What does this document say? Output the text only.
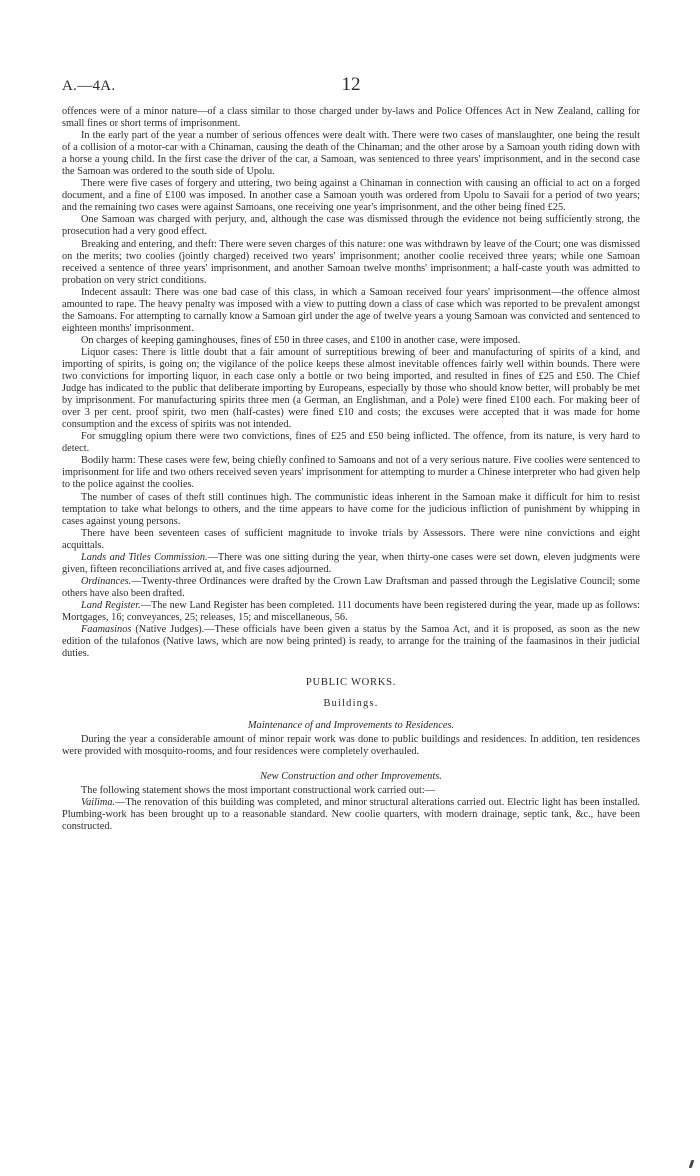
A.—4A.	12

offences were of a minor nature—of a class similar to those charged under by-laws and Police Offences Act in New Zealand, calling for small fines or short terms of imprisonment.

In the early part of the year a number of serious offences were dealt with. There were two cases of manslaughter, one being the result of a collision of a motor-car with a Chinaman, causing the death of the Chinaman; and the other arose by a Samoan youth riding down with a horse a young child. In the first case the driver of the car, a Samoan, was sentenced to three years' imprisonment, and in the second case the Samoan was ordered to the south side of Upolu.

There were five cases of forgery and uttering, two being against a Chinaman in connection with causing an official to act on a forged document, and a fine of £100 was imposed. In another case a Samoan youth was ordered from Upolu to Savaii for a period of two years; and the remaining two cases were against Samoans, one receiving one year's imprisonment, and the other being fined £25.

One Samoan was charged with perjury, and, although the case was dismissed through the evidence not being sufficiently strong, the prosecution had a very good effect.

Breaking and entering, and theft: There were seven charges of this nature: one was withdrawn by leave of the Court; one was dismissed on the merits; two coolies (jointly charged) received two years' imprisonment; another coolie received three years; while one Samoan received a sentence of three years' imprisonment, and another Samoan twelve months' imprisonment; a half-caste youth was admitted to probation on very strict conditions.

Indecent assault: There was one bad case of this class, in which a Samoan received four years' imprisonment—the offence almost amounted to rape. The heavy penalty was imposed with a view to putting down a class of case which was reported to be prevalent amongst the Samoans. For attempting to carnally know a Samoan girl under the age of twelve years a young Samoan was convicted and sentenced to eighteen months' imprisonment.

On charges of keeping gaminghouses, fines of £50 in three cases, and £100 in another case, were imposed.

Liquor cases: There is little doubt that a fair amount of surreptitious brewing of beer and manufacturing of spirits of a kind, and importing of spirits, is going on; the vigilance of the police keeps these almost inevitable offences fairly well within bounds. There were two convictions for importing liquor, in each case only a bottle or two being imported, and resulted in fines of £25 and £50. The Chief Judge has indicated to the public that deliberate importing by Europeans, especially by those who should know better, will probably be met by imprisonment. For manufacturing spirits three men (a German, an Englishman, and a Pole) were fined £100 each. For making beer of over 3 per cent. proof spirit, two men (half-castes) were fined £10 and costs; the excuses were accepted that it was made for home consumption and the excess of spirits was not intended.

For smuggling opium there were two convictions, fines of £25 and £50 being inflicted. The offence, from its nature, is very hard to detect.

Bodily harm: These cases were few, being chiefly confined to Samoans and not of a very serious nature. Five coolies were sentenced to imprisonment for life and two others received seven years' imprisonment for attempting to murder a Chinese interpreter who had given help to the police against the coolies.

The number of cases of theft still continues high. The communistic ideas inherent in the Samoan make it difficult for him to resist temptation to take what belongs to others, and the time appears to have come for the judicious infliction of punishment by whipping in cases against young persons.

There have been seventeen cases of sufficient magnitude to invoke trials by Assessors. There were nine convictions and eight acquittals.

Lands and Titles Commission.—There was one sitting during the year, when thirty-one cases were set down, eleven judgments were given, fifteen reconciliations arrived at, and five cases adjourned.

Ordinances.—Twenty-three Ordinances were drafted by the Crown Law Draftsman and passed through the Legislative Council; some others have also been drafted.

Land Register.—The new Land Register has been completed. 111 documents have been registered during the year, made up as follows: Mortgages, 16; conveyances, 25; releases, 15; and miscellaneous, 56.

Faamasinos (Native Judges).—These officials have been given a status by the Samoa Act, and it is proposed, as soon as the new edition of the tulafonos (Native laws, which are now being printed) is ready, to arrange for the training of the faamasinos in their judicial duties.

PUBLIC WORKS.
Buildings.
Maintenance of and Improvements to Residences.

During the year a considerable amount of minor repair work was done to public buildings and residences. In addition, ten residences were provided with mosquito-rooms, and four residences were completely overhauled.

New Construction and other Improvements.

The following statement shows the most important constructional work carried out:—

Vailima.—The renovation of this building was completed, and minor structural alterations carried out. Electric light has been installed. Plumbing-work has been brought up to a reasonable standard. New coolie quarters, with modern drainage, septic tank, &c., have been constructed.
